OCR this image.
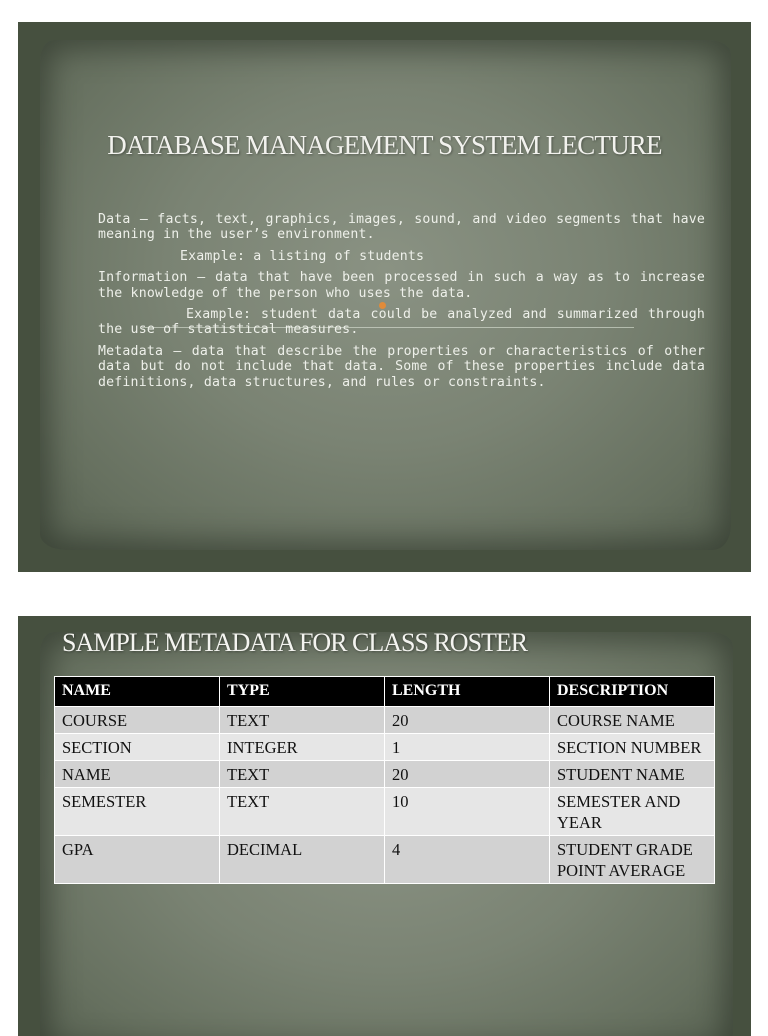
DATABASE MANAGEMENT SYSTEM LECTURE

Data – facts, text, graphics, images, sound, and video segments that have meaning in the user’s environment.

Example: a listing of students

Information – data that have been processed in such a way as to increase the knowledge of the person who uses the data.

Example: student data could be analyzed and summarized through the use of statistical measures.

Metadata – data that describe the properties or characteristics of other data but do not include that data. Some of these properties include data definitions, data structures, and rules or constraints.

SAMPLE METADATA FOR CLASS ROSTER
NAME	TYPE	LENGTH	DESCRIPTION
COURSE	TEXT	20	COURSE NAME
SECTION	INTEGER	1	SECTION NUMBER
NAME	TEXT	20	STUDENT NAME
SEMESTER	TEXT	10	SEMESTER AND YEAR
GPA	DECIMAL	4	STUDENT GRADE POINT AVERAGE
